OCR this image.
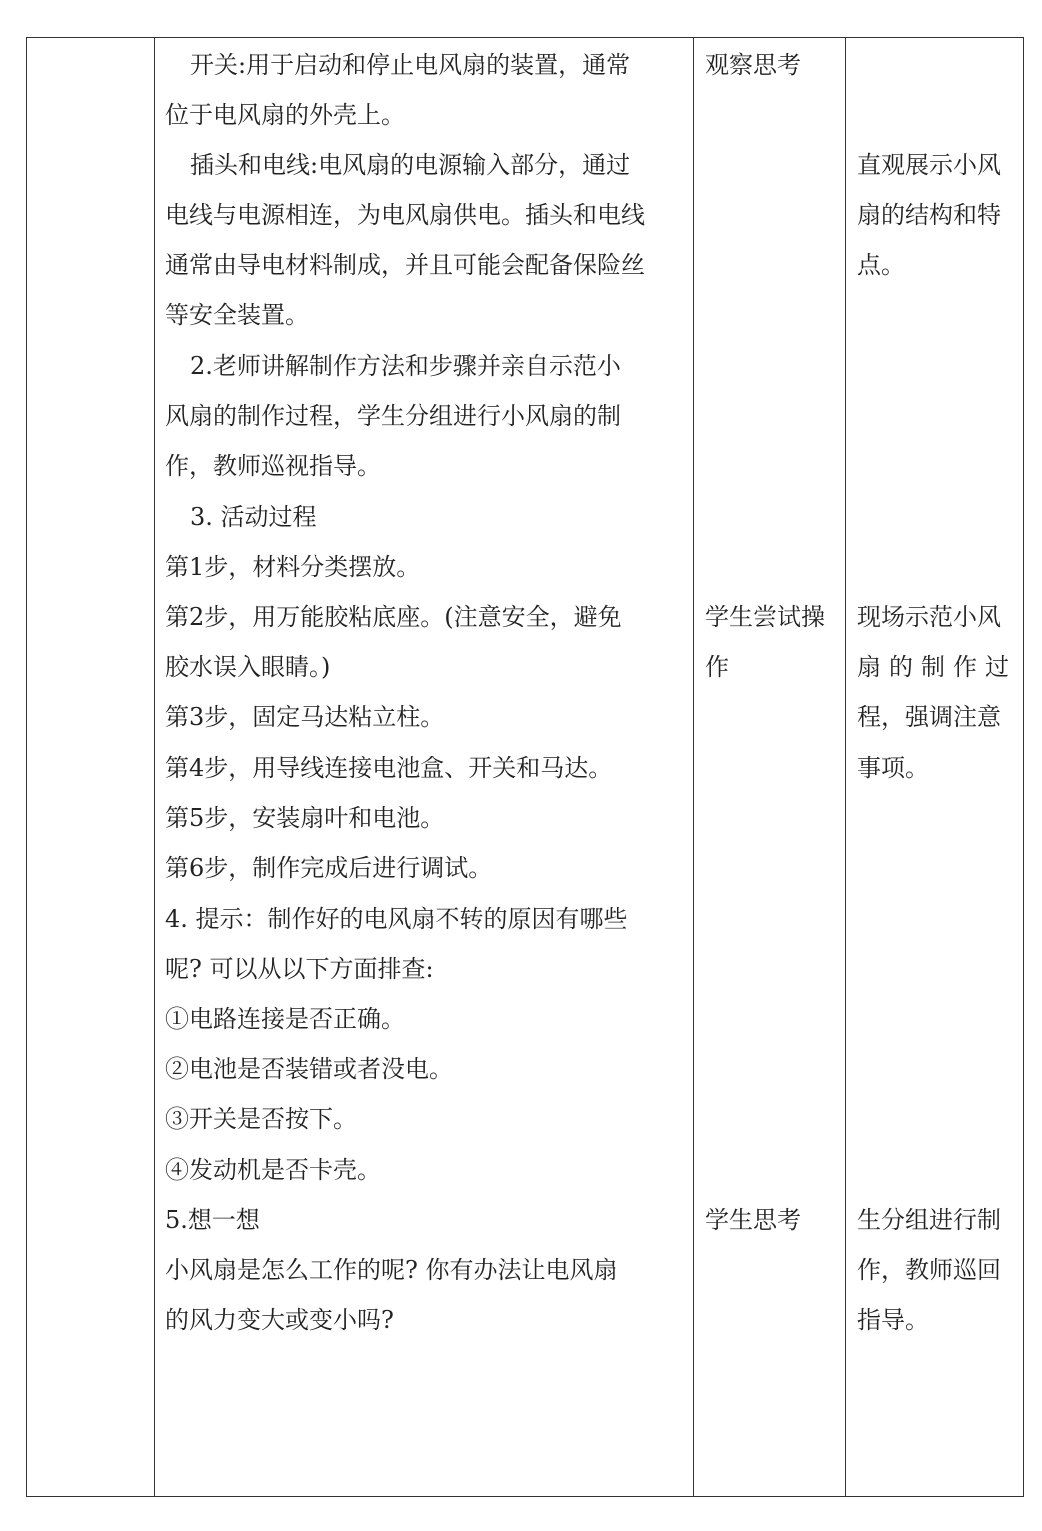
开关:用于启动和停止电风扇的装置，通常
位于电风扇的外壳上。
插头和电线:电风扇的电源输入部分，通过
电线与电源相连，为电风扇供电。插头和电线
通常由导电材料制成，并且可能会配备保险丝
等安全装置。
2.老师讲解制作方法和步骤并亲自示范小
风扇的制作过程，学生分组进行小风扇的制
作，教师巡视指导。
3. 活动过程
第1步，材料分类摆放。
第2步，用万能胶粘底座。(注意安全，避免
胶水误入眼睛。)
第3步，固定马达粘立柱。
第4步，用导线连接电池盒、开关和马达。
第5步，安装扇叶和电池。
第6步，制作完成后进行调试。
4. 提示：制作好的电风扇不转的原因有哪些
呢? 可以从以下方面排查:
①电路连接是否正确。
②电池是否装错或者没电。
③开关是否按下。
④发动机是否卡壳。
5.想一想
小风扇是怎么工作的呢? 你有办法让电风扇
的风力变大或变小吗?
观察思考
学生尝试操
作
学生思考
直观展示小风
扇的结构和特
点。
现场示范小风
扇的制作过
程，强调注意
事项。
生分组进行制
作，教师巡回
指导。
